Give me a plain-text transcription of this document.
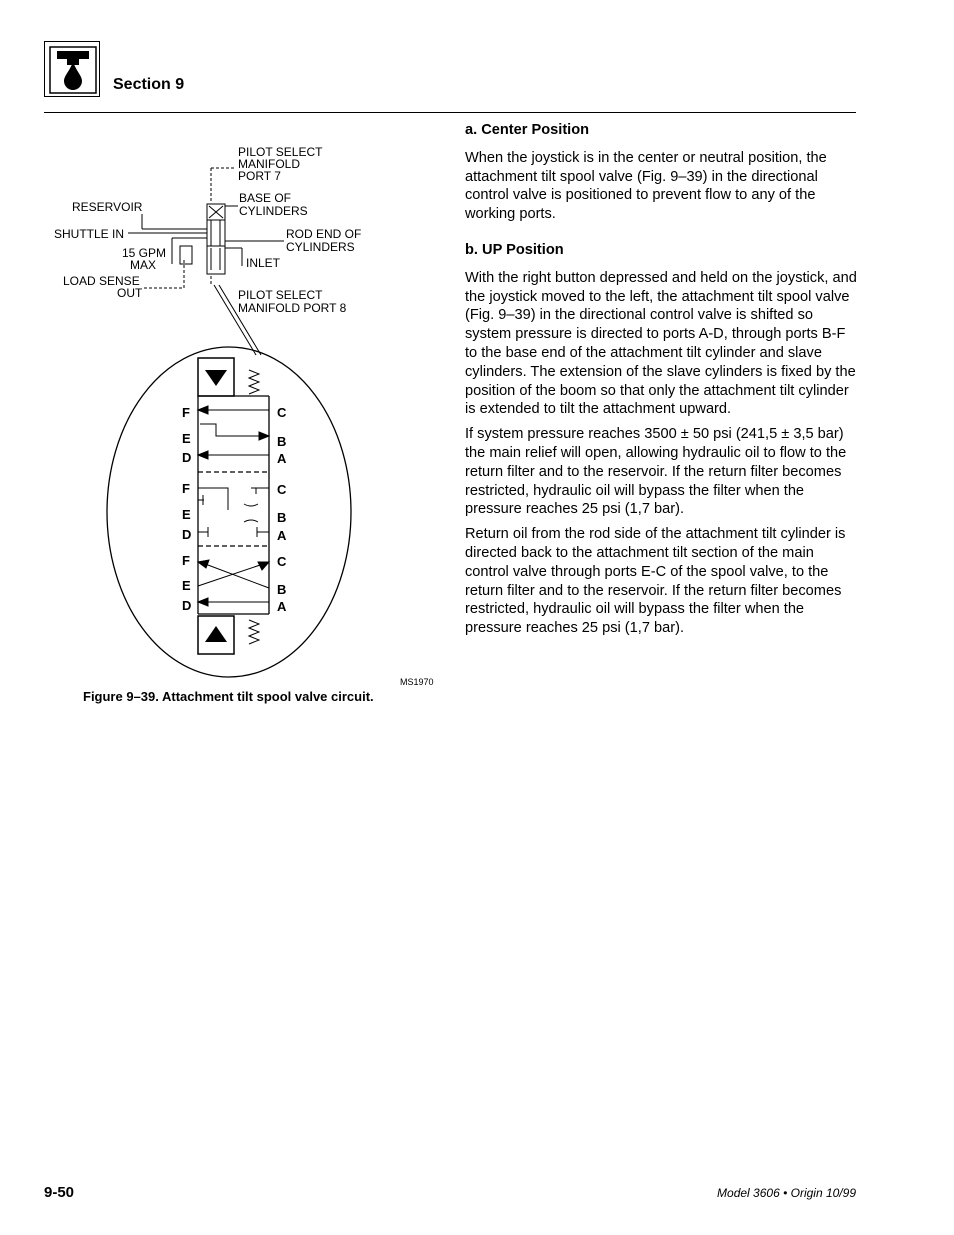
Section 9
PILOT SELECT
MANIFOLD
PORT 7
BASE OF
CYLINDERS
RESERVOIR
SHUTTLE IN	ROD END OF
CYLINDERS
15 GPM
MAX	INLET
LOAD SENSE
OUT	PILOT SELECT
MANIFOLD PORT 8
F	C
E	B
D	A
F	C
E	B
D	A
F	C
E	B
D	A
MS1970
Figure 9–39. Attachment tilt spool valve circuit.
a. Center Position

When the joystick is in the center or neutral position, the attachment tilt spool valve (Fig. 9–39) in the directional control valve is positioned to prevent flow to any of the working ports.

b. UP Position

With the right button depressed and held on the joystick, and the joystick moved to the left, the attachment tilt spool valve (Fig. 9–39) in the directional control valve is shifted so system pressure is directed to ports A-D, through ports B-F to the base end of the attachment tilt cylinder and slave cylinders. The extension of the slave cylinders is fixed by the position of the boom so that only the attachment tilt cylinder is extended to tilt the attachment upward.

If system pressure reaches 3500 ± 50 psi (241,5 ± 3,5 bar) the main relief will open, allowing hydraulic oil to flow to the return filter and to the reservoir. If the return filter becomes restricted, hydraulic oil will bypass the filter when the pressure reaches 25 psi (1,7 bar).

Return oil from the rod side of the attachment tilt cylinder is directed back to the attachment tilt section of the main control valve through ports E-C of the spool valve, to the return filter and to the reservoir. If the return filter becomes restricted, hydraulic oil will bypass the filter when the pressure reaches 25 psi (1,7 bar).

9-50	Model 3606 • Origin 10/99
